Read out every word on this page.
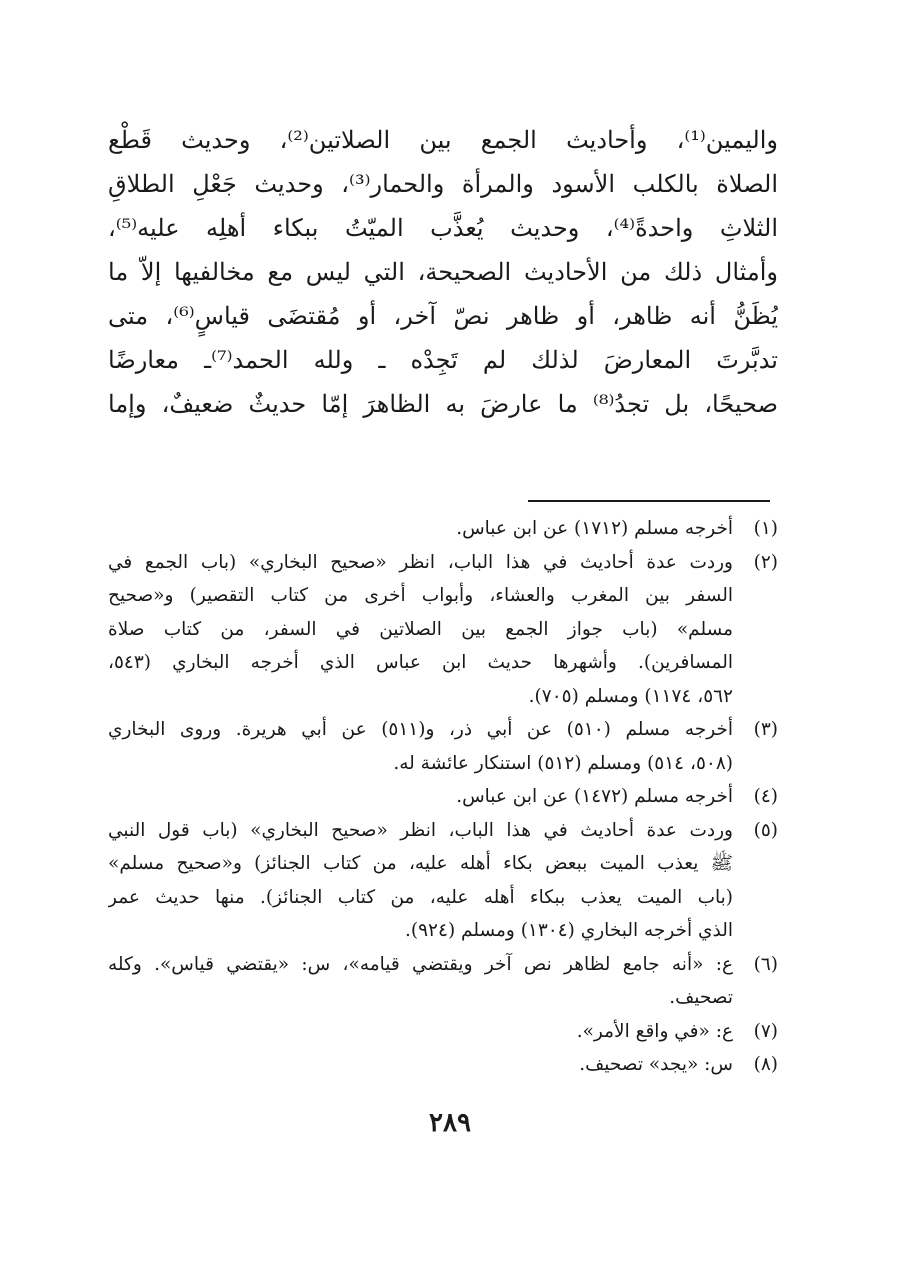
واليمين⁽¹⁾، وأحاديث الجمع بين الصلاتين⁽²⁾، وحديث قَطْع
الصلاة بالكلب الأسود والمرأة والحمار⁽³⁾، وحديث جَعْلِ الطلاقِ
الثلاثِ واحدةً⁽⁴⁾، وحديث يُعذَّب الميّتُ ببكاء أهلِه عليه⁽⁵⁾،
وأمثال ذلك من الأحاديث الصحيحة، التي ليس مع مخالفيها إلاّ ما
يُظَنُّ أنه ظاهر، أو ظاهر نصّ آخر، أو مُقتضَى قياسٍ⁽⁶⁾، متى
تدبَّرتَ المعارضَ لذلك لم تَجِدْه ـ ولله الحمد⁽⁷⁾ـ معارضًا
صحيحًا، بل تجدُ⁽⁸⁾ ما عارضَ به الظاهرَ إمّا حديثٌ ضعيفٌ، وإما
(١)
أخرجه مسلم (١٧١٢) عن ابن عباس.
(٢)
وردت عدة أحاديث في هذا الباب، انظر «صحيح البخاري» (باب الجمع في
السفر بين المغرب والعشاء، وأبواب أخرى من كتاب التقصير) و«صحيح
مسلم» (باب جواز الجمع بين الصلاتين في السفر، من كتاب صلاة
المسافرين). وأشهرها حديث ابن عباس الذي أخرجه البخاري (٥٤٣،
٥٦٢، ١١٧٤) ومسلم (٧٠٥).
(٣)
أخرجه مسلم (٥١٠) عن أبي ذر، و(٥١١) عن أبي هريرة. وروى البخاري
(٥٠٨، ٥١٤) ومسلم (٥١٢) استنكار عائشة له.
(٤)
أخرجه مسلم (١٤٧٢) عن ابن عباس.
(٥)
وردت عدة أحاديث في هذا الباب، انظر «صحيح البخاري» (باب قول النبي
ﷺ يعذب الميت ببعض بكاء أهله عليه، من كتاب الجنائز) و«صحيح مسلم»
(باب الميت يعذب ببكاء أهله عليه، من كتاب الجنائز). منها حديث عمر
الذي أخرجه البخاري (١٣٠٤) ومسلم (٩٢٤).
(٦)
ع: «أنه جامع لظاهر نص آخر ويقتضي قيامه»، س: «يقتضي قياس». وكله
تصحيف.
(٧)
ع: «في واقع الأمر».
(٨)
س: «يجد» تصحيف.
٢٨٩
